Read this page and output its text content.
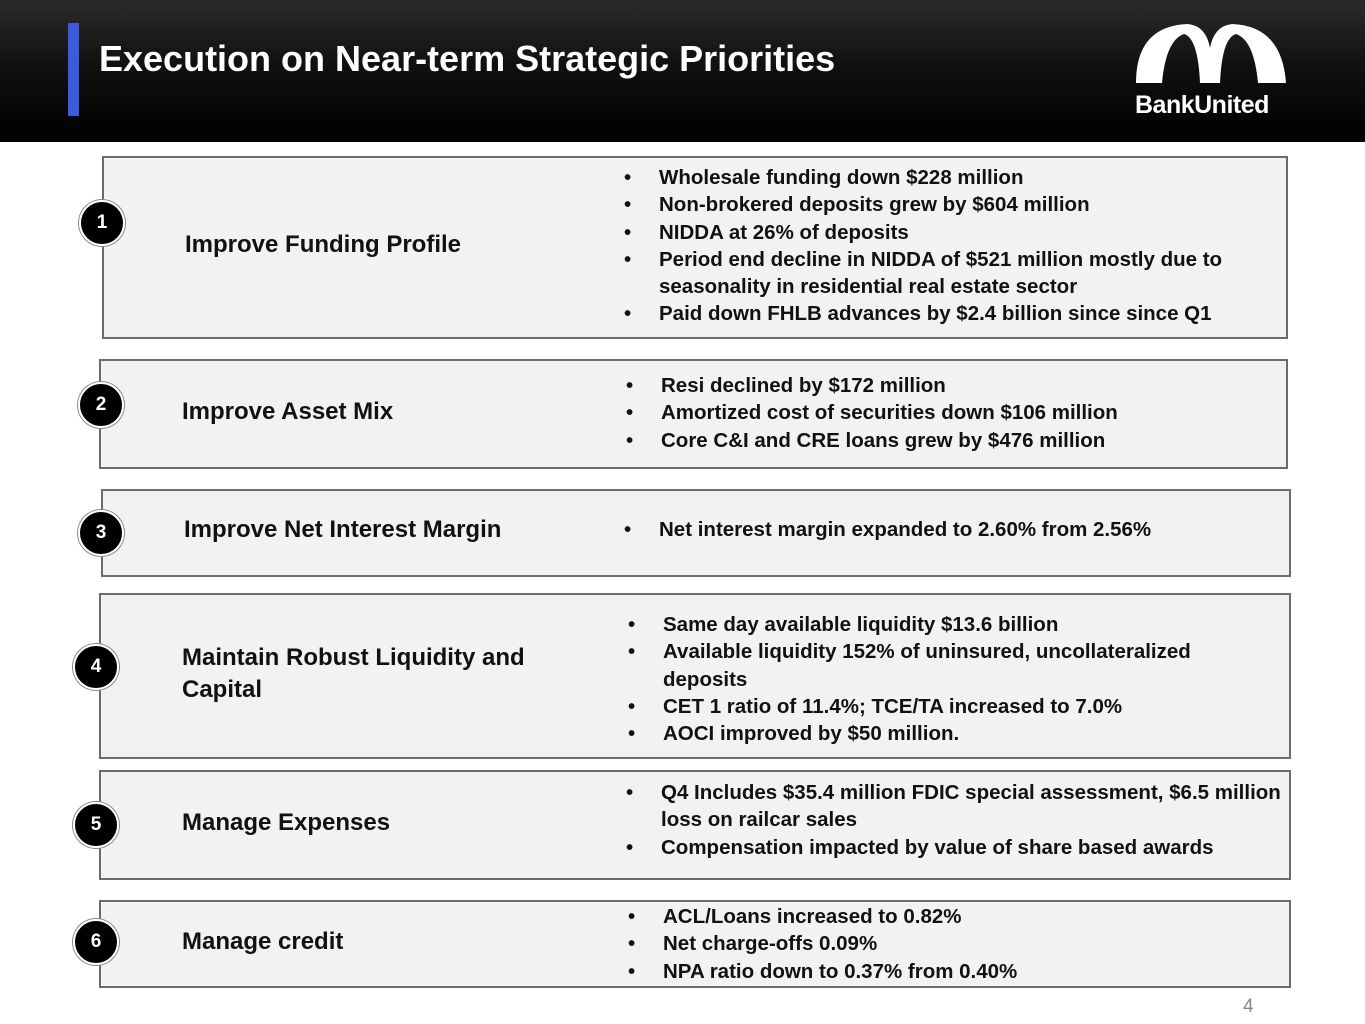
Execution on Near-term Strategic Priorities
BankUnited
1
Improve Funding Profile
• Wholesale funding down $228 million
• Non-brokered deposits grew by $604 million
• NIDDA at 26% of deposits
• Period end decline in NIDDA of $521 million mostly due to seasonality in residential real estate sector
• Paid down FHLB advances by $2.4 billion since since Q1
2	Improve Asset Mix
• Resi declined by $172 million
• Amortized cost of securities down $106 million
• Core C&I and CRE loans grew by $476 million
3	Improve Net Interest Margin
•	Net interest margin expanded to 2.60% from 2.56%
4	Maintain Robust Liquidity and Capital
• Same day available liquidity $13.6 billion
• Available liquidity 152% of uninsured, uncollateralized deposits
• CET 1 ratio of 11.4%; TCE/TA increased to 7.0%
• AOCI improved by $50 million.
5	Manage Expenses
• Q4 Includes $35.4 million FDIC special assessment, $6.5 million loss on railcar sales
• Compensation impacted by value of share based awards
6	Manage credit
• ACL/Loans increased to 0.82%
• Net charge-offs 0.09%
• NPA ratio down to 0.37% from 0.40%
4
